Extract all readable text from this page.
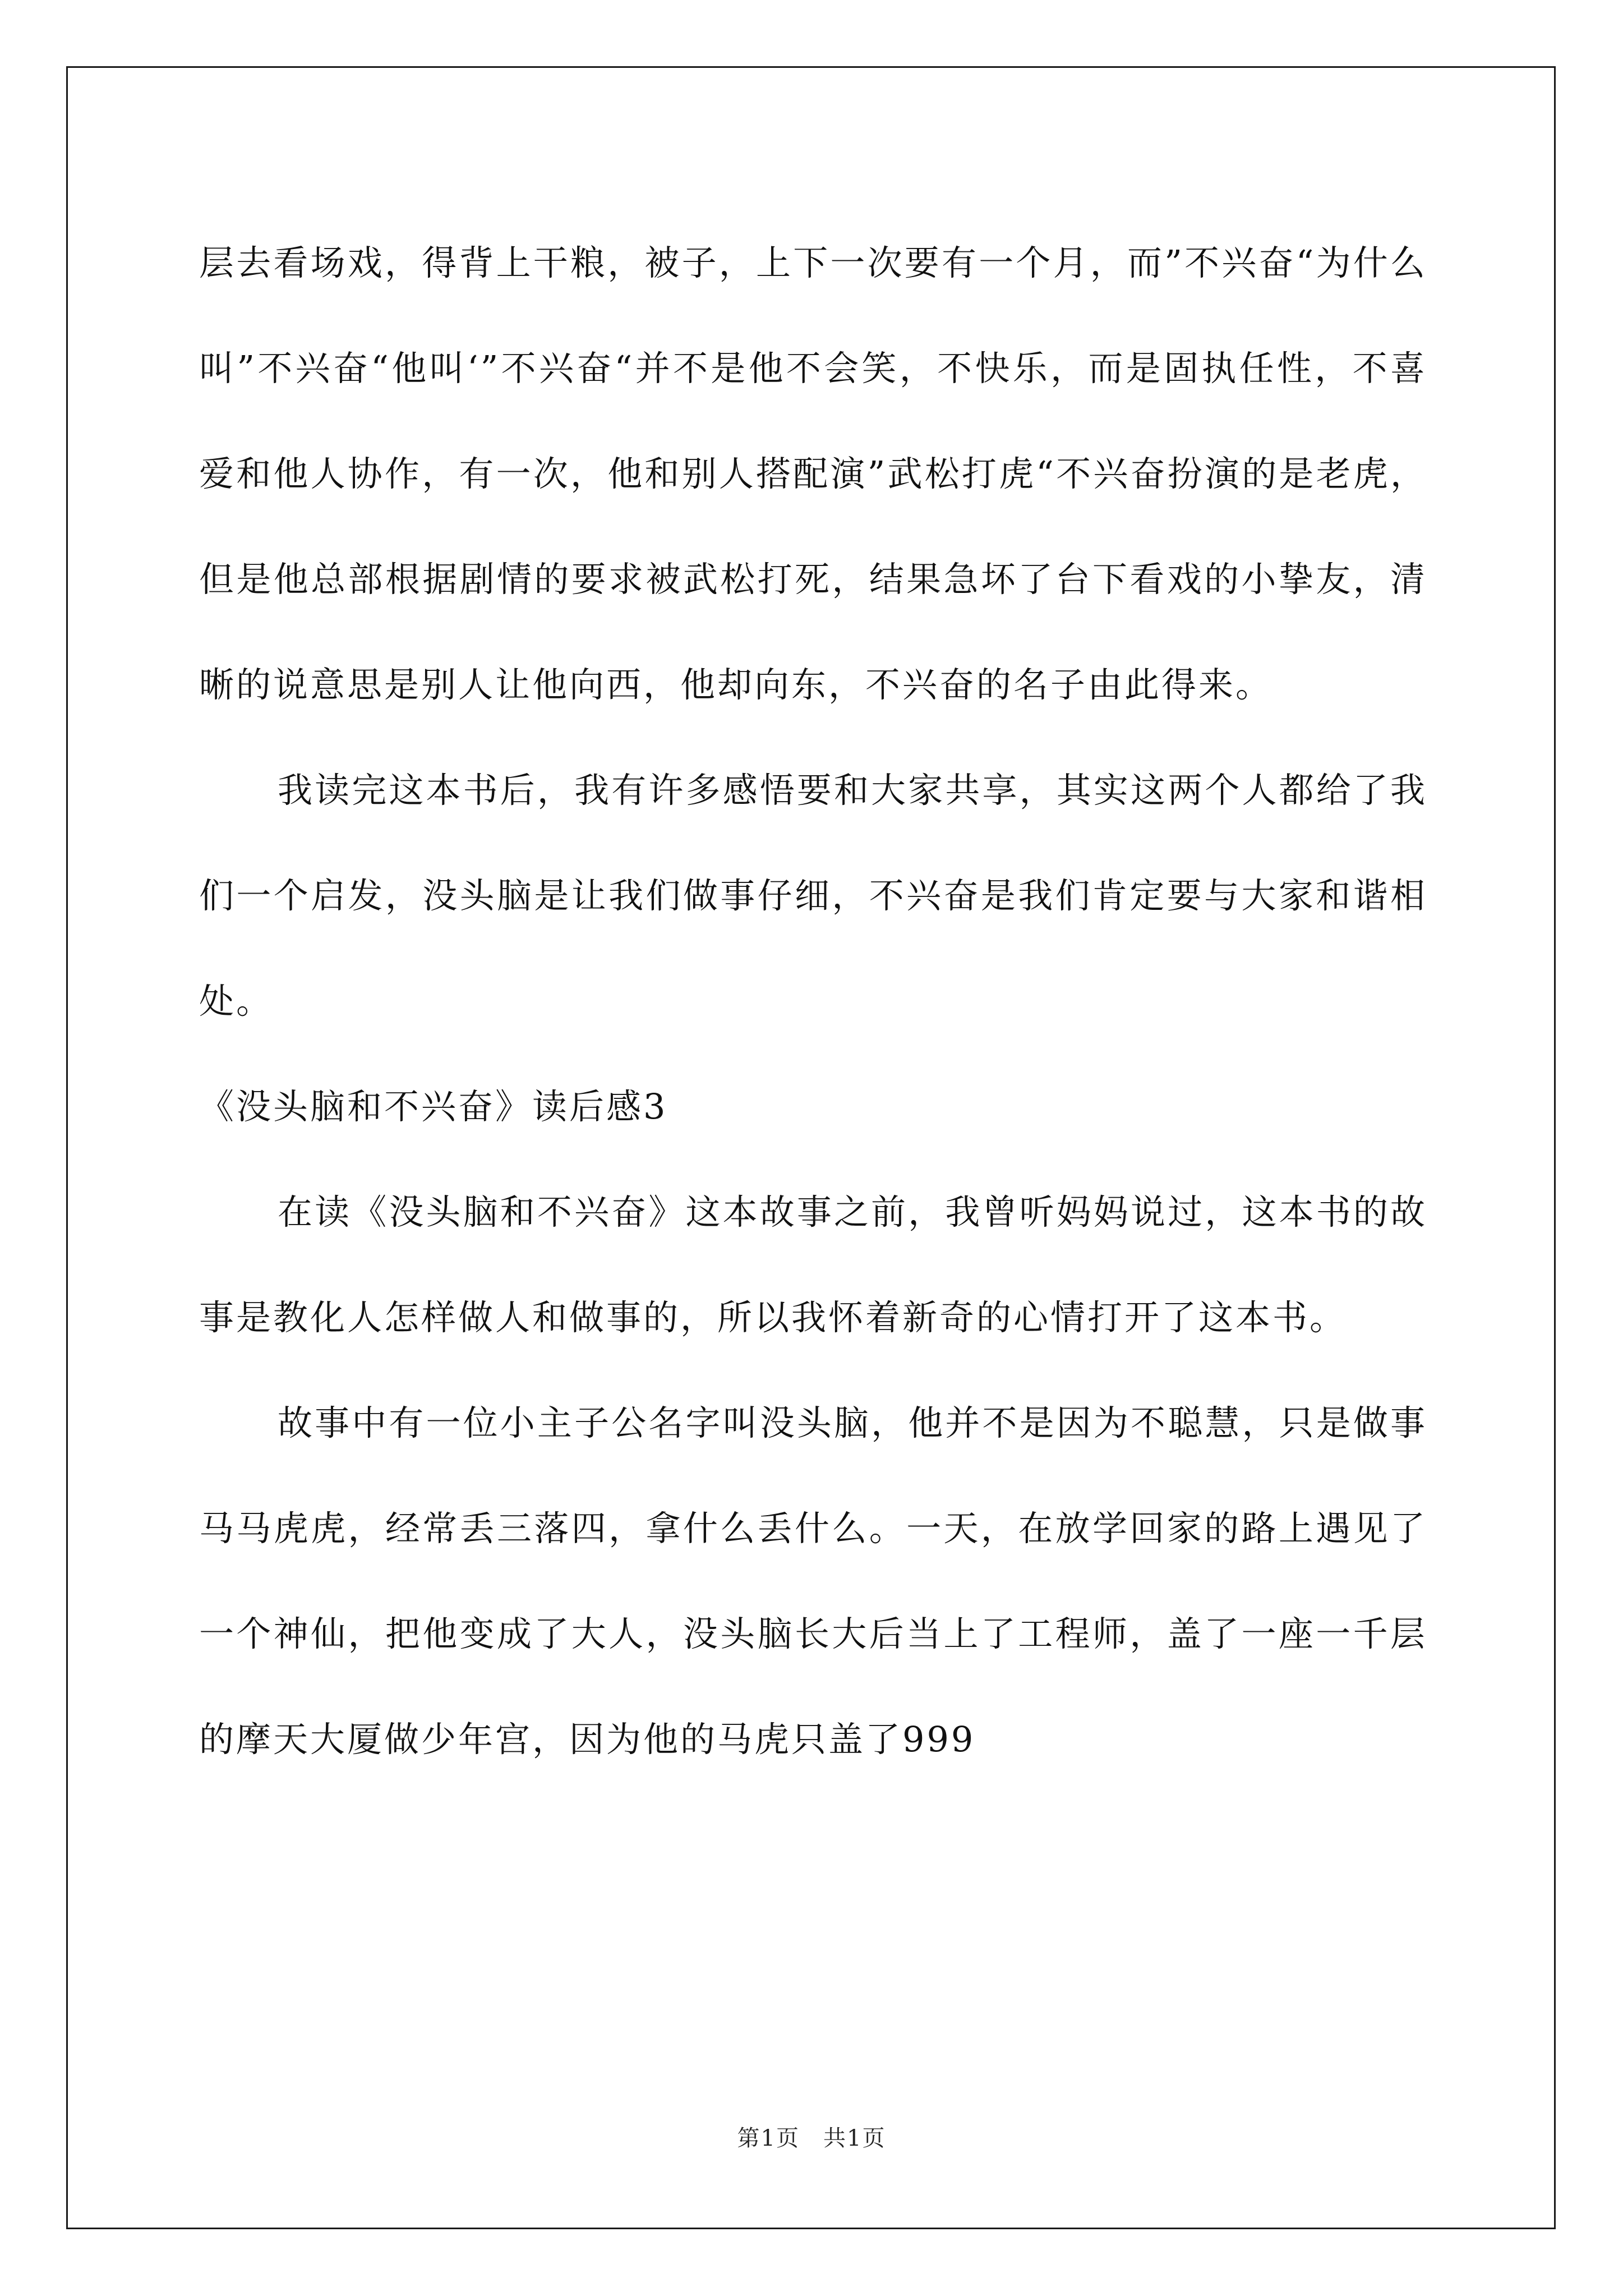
层去看场戏，得背上干粮，被子，上下一次要有一个月，而”不兴奋“为什么叫”不兴奋“他叫‘”不兴奋“并不是他不会笑，不快乐，而是固执任性，不喜爱和他人协作，有一次，他和别人搭配演”武松打虎“不兴奋扮演的是老虎，但是他总部根据剧情的要求被武松打死，结果急坏了台下看戏的小挚友，清晰的说意思是别人让他向西，他却向东，不兴奋的名子由此得来。

我读完这本书后，我有许多感悟要和大家共享，其实这两个人都给了我们一个启发，没头脑是让我们做事仔细，不兴奋是我们肯定要与大家和谐相处。

《没头脑和不兴奋》读后感3

在读《没头脑和不兴奋》这本故事之前，我曾听妈妈说过，这本书的故事是教化人怎样做人和做事的，所以我怀着新奇的心情打开了这本书。

故事中有一位小主子公名字叫没头脑，他并不是因为不聪慧，只是做事马马虎虎，经常丢三落四，拿什么丢什么。一天，在放学回家的路上遇见了一个神仙，把他变成了大人，没头脑长大后当上了工程师，盖了一座一千层的摩天大厦做少年宫，因为他的马虎只盖了999

第1页　共1页
